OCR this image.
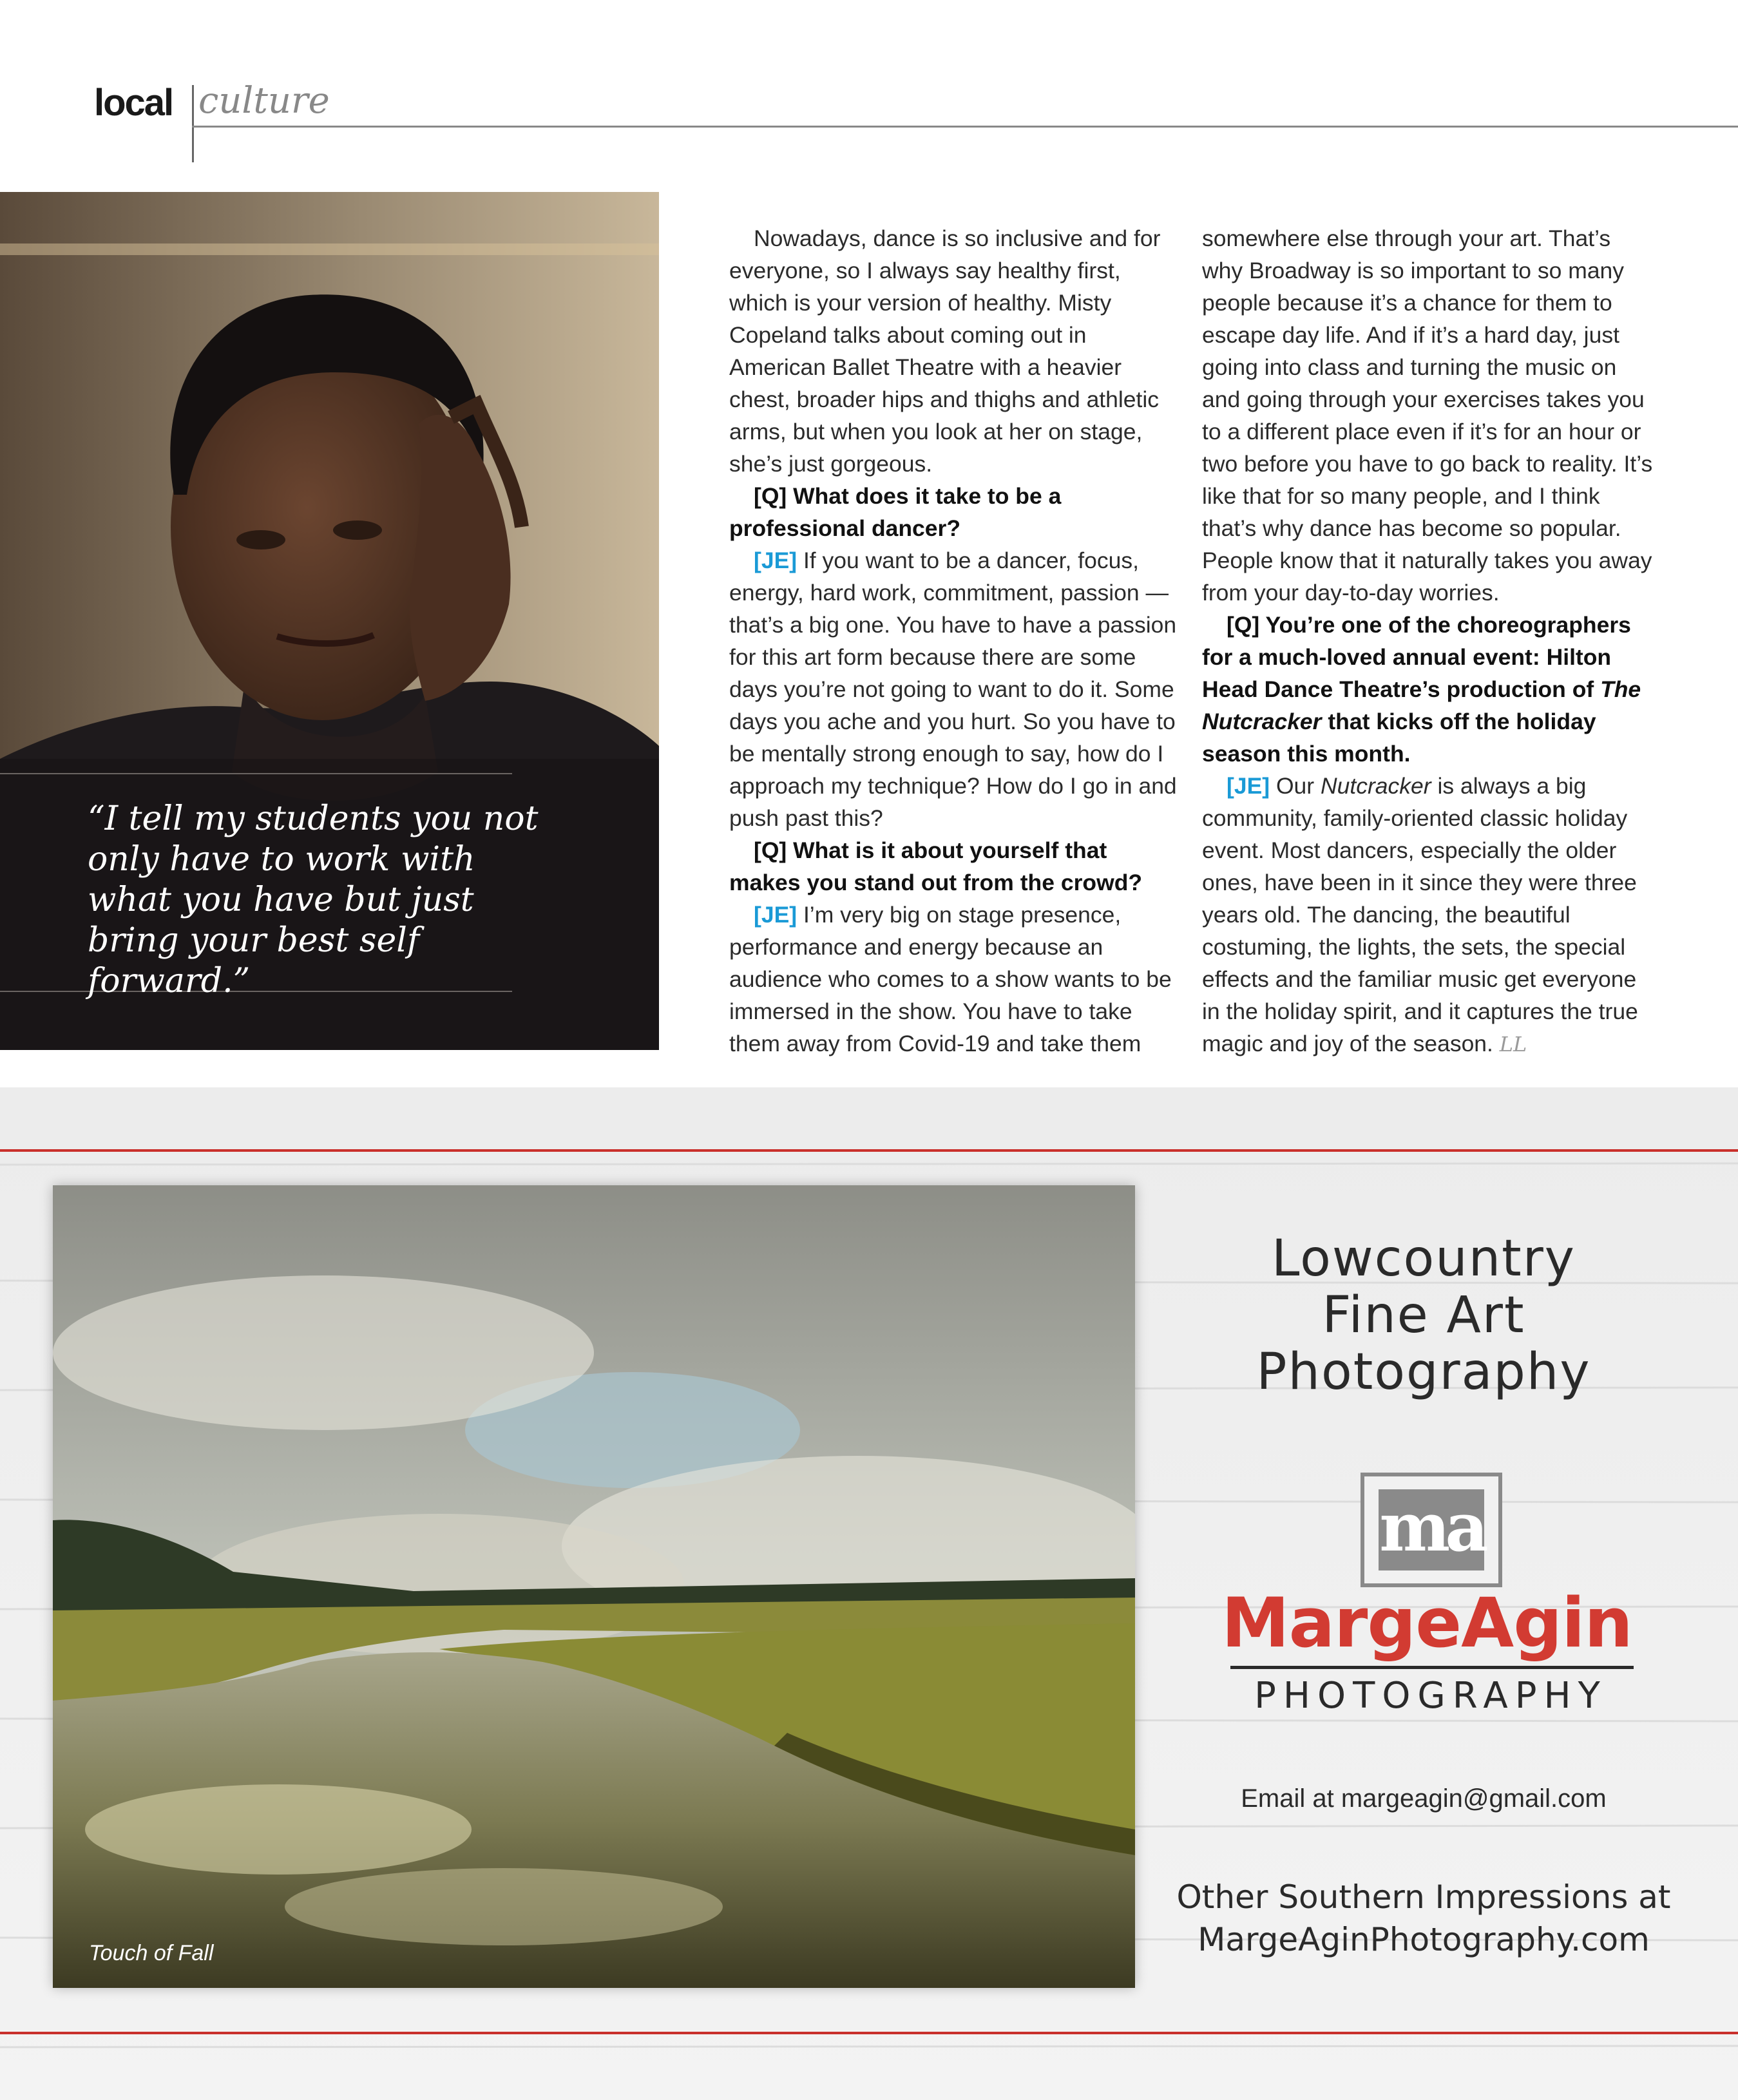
local culture

“I tell my students you not only have to work with what you have but just bring your best self forward.”

Nowadays, dance is so inclusive and for everyone, so I always say healthy first, which is your version of healthy. Misty Copeland talks about coming out in American Ballet Theatre with a heavier chest, broader hips and thighs and athletic arms, but when you look at her on stage, she’s just gorgeous.

[Q] What does it take to be a professional dancer?

[JE] If you want to be a dancer, focus, energy, hard work, commitment, passion — that’s a big one. You have to have a passion for this art form because there are some days you’re not going to want to do it. Some days you ache and you hurt. So you have to be mentally strong enough to say, how do I approach my technique? How do I go in and push past this?

[Q] What is it about yourself that makes you stand out from the crowd?

[JE] I’m very big on stage presence, performance and energy because an audience who comes to a show wants to be immersed in the show. You have to take them away from Covid-19 and take them

somewhere else through your art. That’s why Broadway is so important to so many people because it’s a chance for them to escape day life. And if it’s a hard day, just going into class and turning the music on and going through your exercises takes you to a different place even if it’s for an hour or two before you have to go back to reality. It’s like that for so many people, and I think that’s why dance has become so popular. People know that it naturally takes you away from your day-to-day worries.

[Q] You’re one of the choreographers for a much-loved annual event: Hilton Head Dance Theatre’s production of The Nutcracker that kicks off the holiday season this month.

[JE] Our Nutcracker is always a big community, family-oriented classic holiday event. Most dancers, especially the older ones, have been in it since they were three years old. The dancing, the beautiful costuming, the lights, the sets, the special effects and the familiar music get everyone in the holiday spirit, and it captures the true magic and joy of the season. LL

Touch of Fall
Lowcountry
Fine Art
Photography
ma
MargeAgin
PHOTOGRAPHY
Email at margeagin@gmail.com
Other Southern Impressions at
MargeAginPhotography.com
